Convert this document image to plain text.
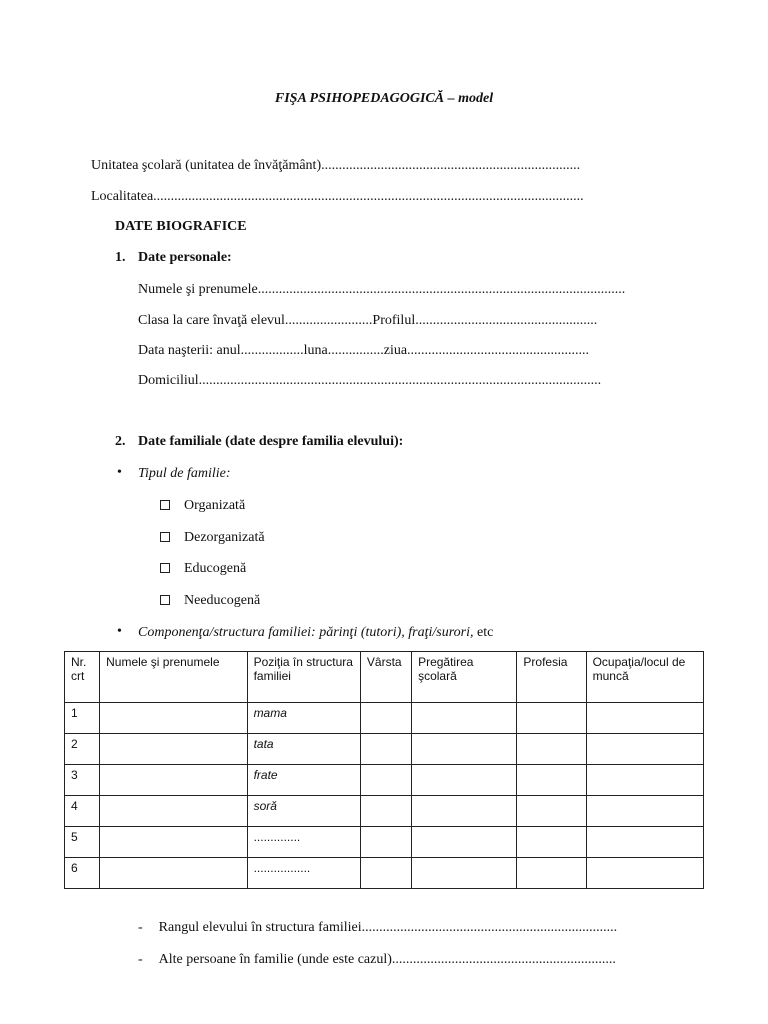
FIŞA PSIHOPEDAGOGICĂ – model
Unitatea şcolară (unitatea de învăţământ)..........................................................................
Localitatea...........................................................................................................................
DATE BIOGRAFICE
1. Date personale:
Numele şi prenumele.........................................................................................................
Clasa la care învaţă elevul.........................Profilul....................................................
Data naşterii: anul..................luna................ziua....................................................
Domiciliul...................................................................................................................
2. Date familiale (date despre familia elevului):
• Tipul de familie:
Organizată
Dezorganizată
Educogenă
Needucogenă
• Componenţa/structura familiei: părinţi (tutori), fraţi/surori, etc
Nr. crt	Numele şi prenumele	Poziţia în structura familiei	Vârsta	Pregătirea şcolară	Profesia	Ocupaţia/locul de muncă
1		mama				
2		tata				
3		frate				
4		soră				
5		..............				
6		.................				
- Rangul elevului în structura familiei.........................................................................
- Alte persoane în familie (unde este cazul)................................................................
